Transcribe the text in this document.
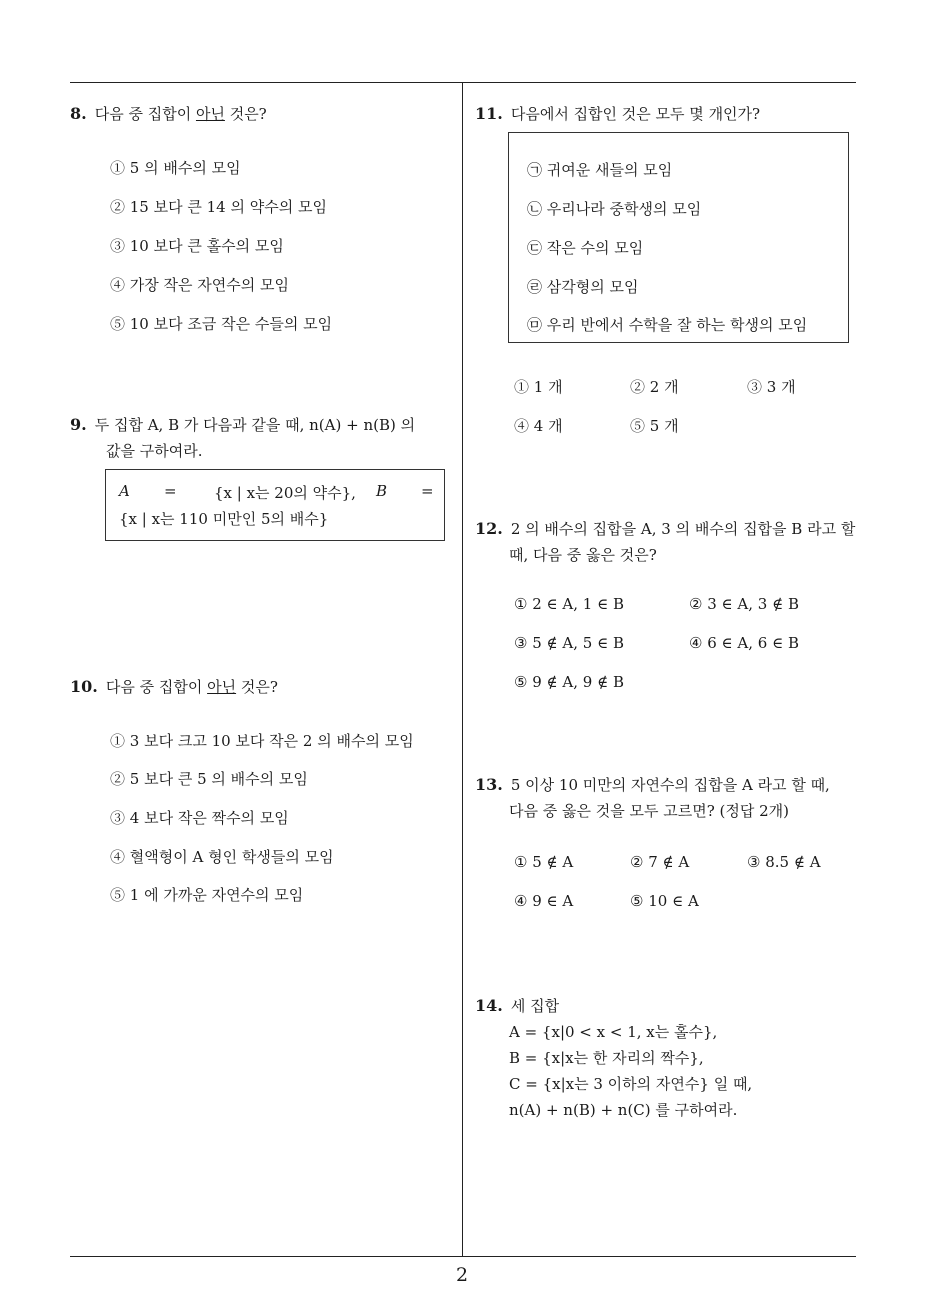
8. 다음 중 집합이 아닌 것은?
① 5 의 배수의 모임
② 15 보다 큰 14 의 약수의 모임
③ 10 보다 큰 홀수의 모임
④ 가장 작은 자연수의 모임
⑤ 10 보다 조금 작은 수들의 모임
9. 두 집합 A, B 가 다음과 같을 때, n(A) + n(B) 의
값을 구하여라.
A = {x | x는 20의 약수}, B =
{x | x는 110 미만인 5의 배수}
10. 다음 중 집합이 아닌 것은?
① 3 보다 크고 10 보다 작은 2 의 배수의 모임
② 5 보다 큰 5 의 배수의 모임
③ 4 보다 작은 짝수의 모임
④ 혈액형이 A 형인 학생들의 모임
⑤ 1 에 가까운 자연수의 모임
11. 다음에서 집합인 것은 모두 몇 개인가?
㉠ 귀여운 새들의 모임
㉡ 우리나라 중학생의 모임
㉢ 작은 수의 모임
㉣ 삼각형의 모임
㉤ 우리 반에서 수학을 잘 하는 학생의 모임
① 1 개	② 2 개	③ 3 개
④ 4 개	⑤ 5 개
12. 2 의 배수의 집합을 A, 3 의 배수의 집합을 B 라고 할
때, 다음 중 옳은 것은?
① 2 ∈ A, 1 ∈ B	② 3 ∈ A, 3 ∉ B
③ 5 ∉ A, 5 ∈ B	④ 6 ∈ A, 6 ∈ B
⑤ 9 ∉ A, 9 ∉ B
13. 5 이상 10 미만의 자연수의 집합을 A 라고 할 때,
다음 중 옳은 것을 모두 고르면? (정답 2개)
① 5 ∉ A	② 7 ∉ A	③ 8.5 ∉ A
④ 9 ∈ A	⑤ 10 ∈ A
14. 세 집합
A = {x|0 < x < 1, x는 홀수},
B = {x|x는 한 자리의 짝수},
C = {x|x는 3 이하의 자연수} 일 때,
n(A) + n(B) + n(C) 를 구하여라.
2
